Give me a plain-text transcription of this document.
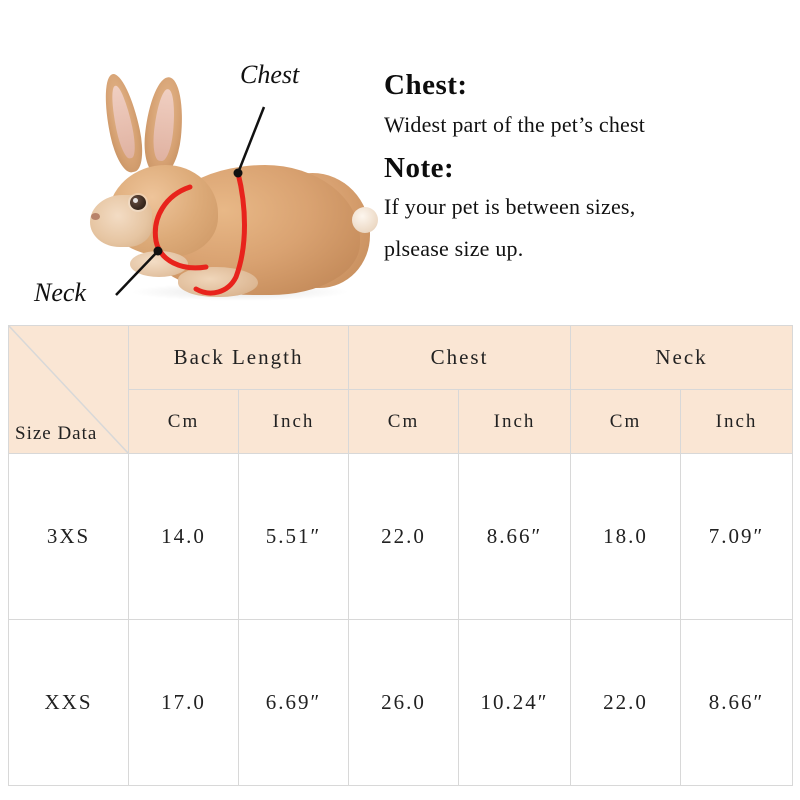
Chest
Neck

Chest:

Widest part of the pet’s chest

Note:

If your pet is between sizes,

plsease size up.

Size Data	Back Length		Chest		Neck	
	Cm	Inch	Cm	Inch	Cm	Inch
3XS	14.0	5.51″	22.0	8.66″	18.0	7.09″
XXS	17.0	6.69″	26.0	10.24″	22.0	8.66″
